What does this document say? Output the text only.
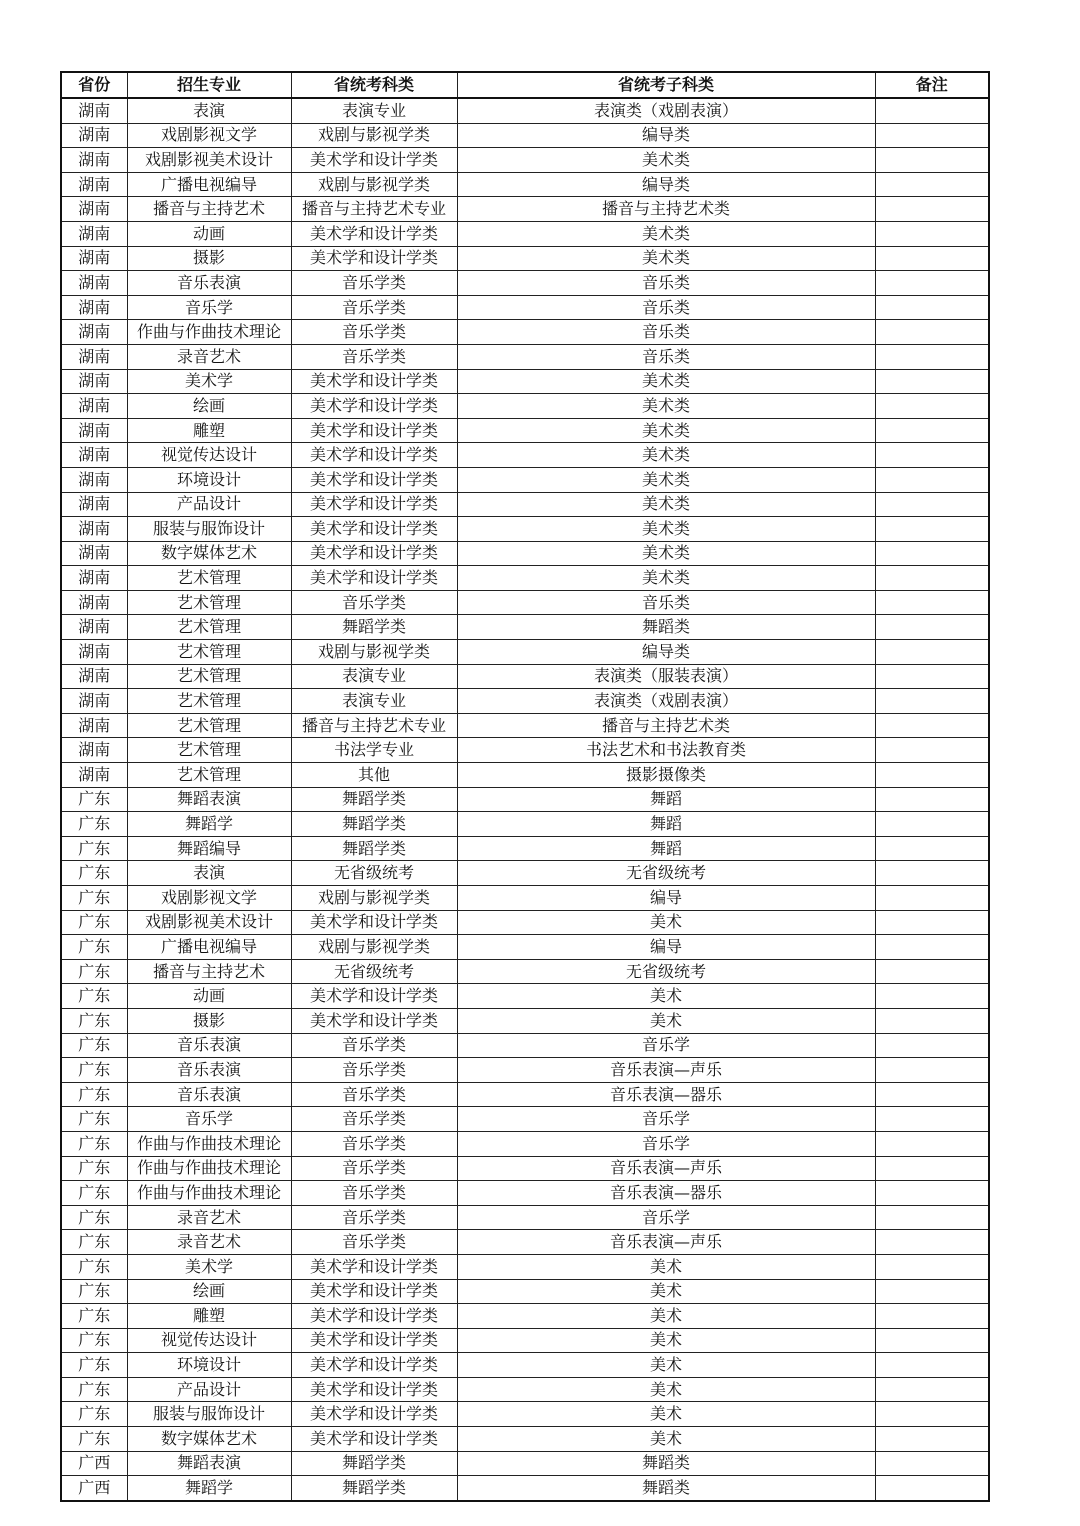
省份	招生专业	省统考科类	省统考子科类	备注
湖南	表演	表演专业	表演类（戏剧表演）	
湖南	戏剧影视文学	戏剧与影视学类	编导类	
湖南	戏剧影视美术设计	美术学和设计学类	美术类	
湖南	广播电视编导	戏剧与影视学类	编导类	
湖南	播音与主持艺术	播音与主持艺术专业	播音与主持艺术类	
湖南	动画	美术学和设计学类	美术类	
湖南	摄影	美术学和设计学类	美术类	
湖南	音乐表演	音乐学类	音乐类	
湖南	音乐学	音乐学类	音乐类	
湖南	作曲与作曲技术理论	音乐学类	音乐类	
湖南	录音艺术	音乐学类	音乐类	
湖南	美术学	美术学和设计学类	美术类	
湖南	绘画	美术学和设计学类	美术类	
湖南	雕塑	美术学和设计学类	美术类	
湖南	视觉传达设计	美术学和设计学类	美术类	
湖南	环境设计	美术学和设计学类	美术类	
湖南	产品设计	美术学和设计学类	美术类	
湖南	服装与服饰设计	美术学和设计学类	美术类	
湖南	数字媒体艺术	美术学和设计学类	美术类	
湖南	艺术管理	美术学和设计学类	美术类	
湖南	艺术管理	音乐学类	音乐类	
湖南	艺术管理	舞蹈学类	舞蹈类	
湖南	艺术管理	戏剧与影视学类	编导类	
湖南	艺术管理	表演专业	表演类（服装表演）	
湖南	艺术管理	表演专业	表演类（戏剧表演）	
湖南	艺术管理	播音与主持艺术专业	播音与主持艺术类	
湖南	艺术管理	书法学专业	书法艺术和书法教育类	
湖南	艺术管理	其他	摄影摄像类	
广东	舞蹈表演	舞蹈学类	舞蹈	
广东	舞蹈学	舞蹈学类	舞蹈	
广东	舞蹈编导	舞蹈学类	舞蹈	
广东	表演	无省级统考	无省级统考	
广东	戏剧影视文学	戏剧与影视学类	编导	
广东	戏剧影视美术设计	美术学和设计学类	美术	
广东	广播电视编导	戏剧与影视学类	编导	
广东	播音与主持艺术	无省级统考	无省级统考	
广东	动画	美术学和设计学类	美术	
广东	摄影	美术学和设计学类	美术	
广东	音乐表演	音乐学类	音乐学	
广东	音乐表演	音乐学类	音乐表演—声乐	
广东	音乐表演	音乐学类	音乐表演—器乐	
广东	音乐学	音乐学类	音乐学	
广东	作曲与作曲技术理论	音乐学类	音乐学	
广东	作曲与作曲技术理论	音乐学类	音乐表演—声乐	
广东	作曲与作曲技术理论	音乐学类	音乐表演—器乐	
广东	录音艺术	音乐学类	音乐学	
广东	录音艺术	音乐学类	音乐表演—声乐	
广东	美术学	美术学和设计学类	美术	
广东	绘画	美术学和设计学类	美术	
广东	雕塑	美术学和设计学类	美术	
广东	视觉传达设计	美术学和设计学类	美术	
广东	环境设计	美术学和设计学类	美术	
广东	产品设计	美术学和设计学类	美术	
广东	服装与服饰设计	美术学和设计学类	美术	
广东	数字媒体艺术	美术学和设计学类	美术	
广西	舞蹈表演	舞蹈学类	舞蹈类	
广西	舞蹈学	舞蹈学类	舞蹈类	
